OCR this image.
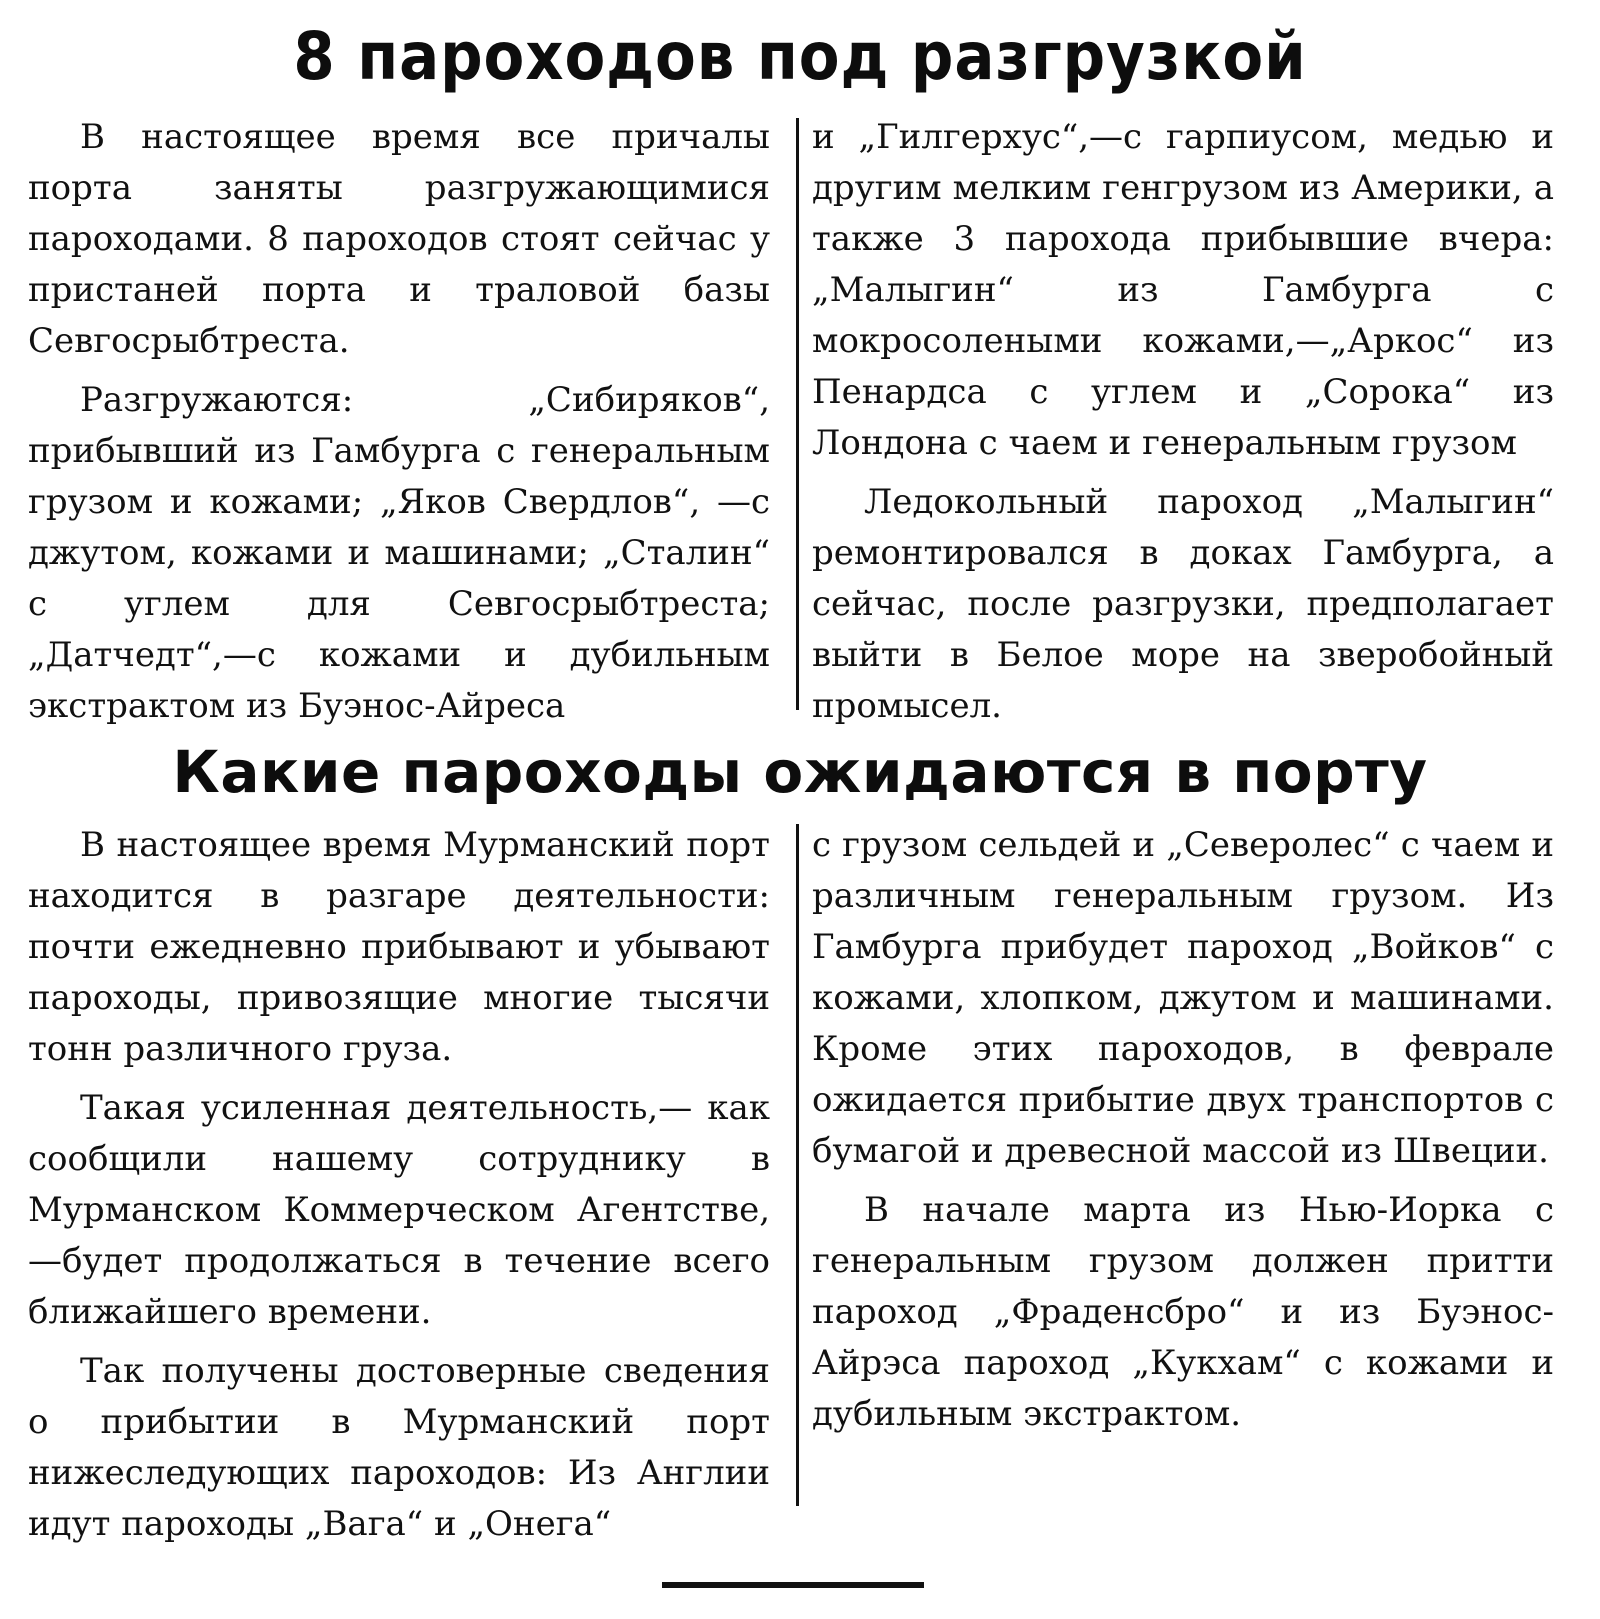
8 пароходов под разгрузкой

В настоящее время все причалы порта заняты разгружающимися пароходами. 8 пароходов стоят сейчас у пристаней порта и траловой базы Севгосрыбтреста.

Разгружаются: „Сибиряков“, прибывший из Гамбурга с генеральным грузом и кожами; „Яков Свердлов“, —с джутом, кожами и машинами; „Сталин“ с углем для Севгосрыбтреста; „Датчедт“,—с кожами и дубильным экстрактом из Буэнос-Айреса

и „Гилгерхус“,—с гарпиусом, медью и другим мелким генгрузом из Америки, а также 3 парохода прибывшие вчера: „Малыгин“ из Гамбурга с мокросолеными кожами,—„Аркос“ из Пенардса с углем и „Сорока“ из Лондона с чаем и генеральным грузом

Ледокольный пароход „Малыгин“ ремонтировался в доках Гамбурга, а сейчас, после разгрузки, предполагает выйти в Белое море на зверобойный промысел.

Какие пароходы ожидаются в порту

В настоящее время Мурманский порт находится в разгаре деятельности: почти ежедневно прибывают и убывают пароходы, привозящие многие тысячи тонн различного груза.

Такая усиленная деятельность,— как сообщили нашему сотруднику в Мурманском Коммерческом Агентстве,—будет продолжаться в течение всего ближайшего времени.

Так получены достоверные сведения о прибытии в Мурманский порт нижеследующих пароходов: Из Англии идут пароходы „Вага“ и „Онега“

с грузом сельдей и „Северолес“ с чаем и различным генеральным грузом. Из Гамбурга прибудет пароход „Войков“ с кожами, хлопком, джутом и машинами. Кроме этих пароходов, в феврале ожидается прибытие двух транспортов с бумагой и древесной массой из Швеции.

В начале марта из Нью-Иорка с генеральным грузом должен притти пароход „Фраденсбро“ и из Буэнос-Айрэса пароход „Кукхам“ с кожами и дубильным экстрактом.
